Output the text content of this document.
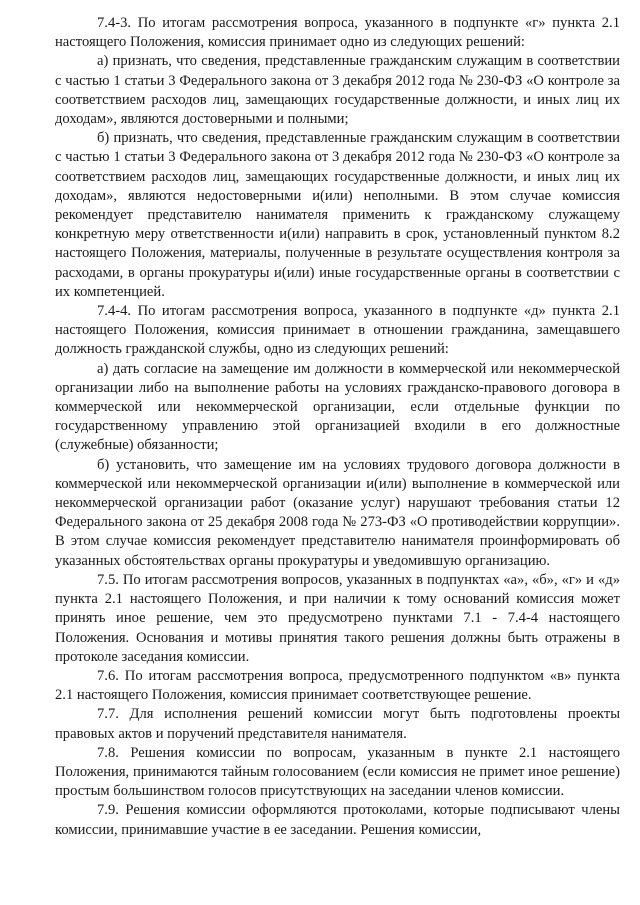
7.4-3. По итогам рассмотрения вопроса, указанного в подпункте «г» пункта 2.1 настоящего Положения, комиссия принимает одно из следующих решений:

а) признать, что сведения, представленные гражданским служащим в соответствии с частью 1 статьи 3 Федерального закона от 3 декабря 2012 года № 230-ФЗ «О контроле за соответствием расходов лиц, замещающих государственные должности, и иных лиц их доходам», являются достоверными и полными;

б) признать, что сведения, представленные гражданским служащим в соответствии с частью 1 статьи 3 Федерального закона от 3 декабря 2012 года № 230-ФЗ «О контроле за соответствием расходов лиц, замещающих государственные должности, и иных лиц их доходам», являются недостоверными и(или) неполными. В этом случае комиссия рекомендует представителю нанимателя применить к гражданскому служащему конкретную меру ответственности и(или) направить в срок, установленный пунктом 8.2 настоящего Положения, материалы, полученные в результате осуществления контроля за расходами, в органы прокуратуры и(или) иные государственные органы в соответствии с их компетенцией.

7.4-4. По итогам рассмотрения вопроса, указанного в подпункте «д» пункта 2.1 настоящего Положения, комиссия принимает в отношении гражданина, замещавшего должность гражданской службы, одно из следующих решений:

а) дать согласие на замещение им должности в коммерческой или некоммерческой организации либо на выполнение работы на условиях гражданско-правового договора в коммерческой или некоммерческой организации, если отдельные функции по государственному управлению этой организацией входили в его должностные (служебные) обязанности;

б) установить, что замещение им на условиях трудового договора должности в коммерческой или некоммерческой организации и(или) выполнение в коммерческой или некоммерческой организации работ (оказание услуг) нарушают требования статьи 12 Федерального закона от 25 декабря 2008 года № 273-ФЗ «О противодействии коррупции». В этом случае комиссия рекомендует представителю нанимателя проинформировать об указанных обстоятельствах органы прокуратуры и уведомившую организацию.

7.5. По итогам рассмотрения вопросов, указанных в подпунктах «а», «б», «г» и «д» пункта 2.1 настоящего Положения, и при наличии к тому оснований комиссия может принять иное решение, чем это предусмотрено пунктами 7.1 - 7.4-4 настоящего Положения. Основания и мотивы принятия такого решения должны быть отражены в протоколе заседания комиссии.

7.6. По итогам рассмотрения вопроса, предусмотренного подпунктом «в» пункта 2.1 настоящего Положения, комиссия принимает соответствующее решение.

7.7. Для исполнения решений комиссии могут быть подготовлены проекты правовых актов и поручений представителя нанимателя.

7.8. Решения комиссии по вопросам, указанным в пункте 2.1 настоящего Положения, принимаются тайным голосованием (если комиссия не примет иное решение) простым большинством голосов присутствующих на заседании членов комиссии.

7.9. Решения комиссии оформляются протоколами, которые подписывают члены комиссии, принимавшие участие в ее заседании. Решения комиссии,
